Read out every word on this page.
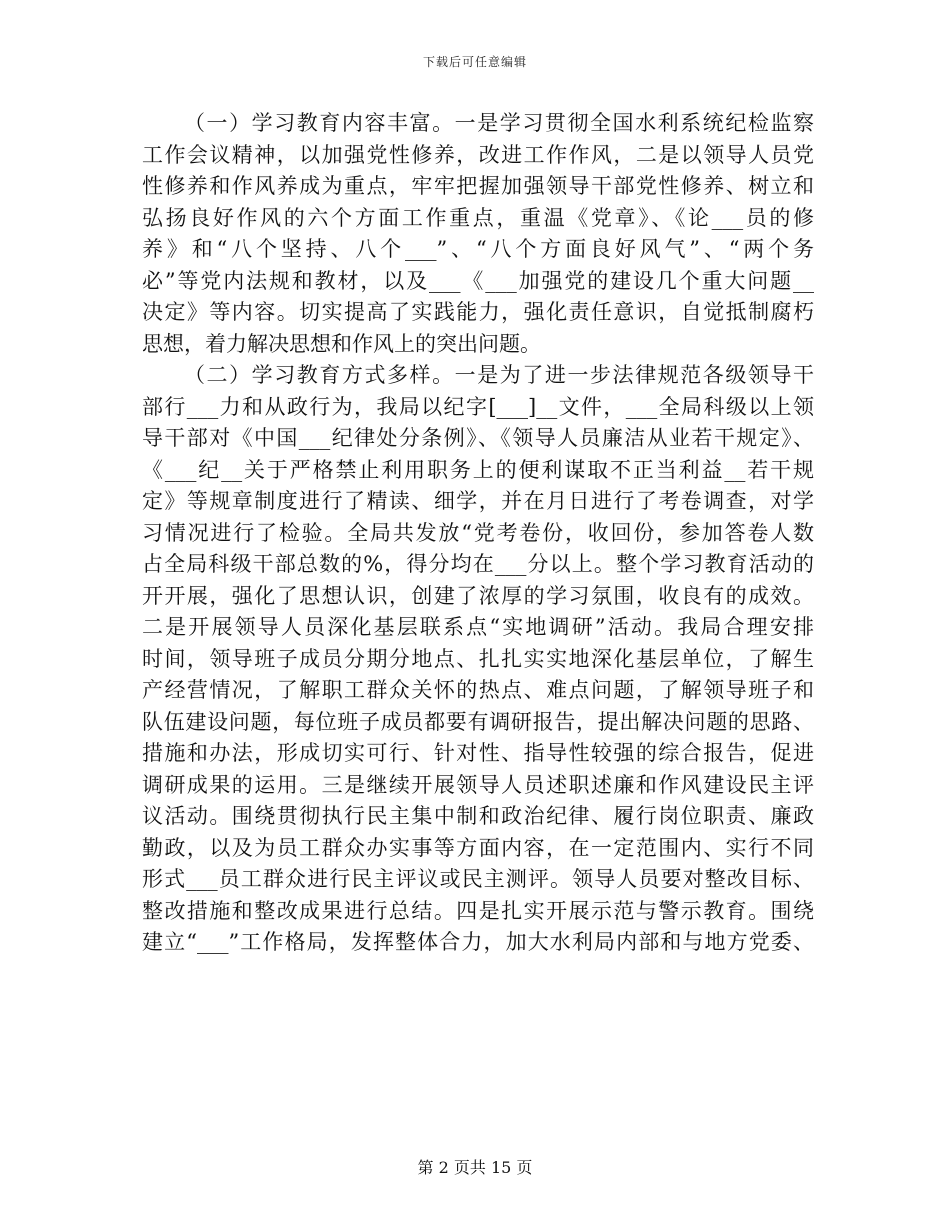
下载后可任意编辑
（一）学习教育内容丰富。一是学习贯彻全国水利系统纪检监察
工作会议精神，以加强党性修养，改进工作作风，二是以领导人员党
性修养和作风养成为重点，牢牢把握加强领导干部党性修养、树立和
弘扬良好作风的六个方面工作重点，重温《党章》、《论___员的修
养》和“八个坚持、八个___”、“八个方面良好风气”、“两个务
必”等党内法规和教材，以及___《___加强党的建设几个重大问题__
决定》等内容。切实提高了实践能力，强化责任意识，自觉抵制腐朽
思想，着力解决思想和作风上的突出问题。
（二）学习教育方式多样。一是为了进一步法律规范各级领导干
部行___力和从政行为，我局以纪字[___]__文件，___全局科级以上领
导干部对《中国___纪律处分条例》、《领导人员廉洁从业若干规定》、
《___纪__关于严格禁止利用职务上的便利谋取不正当利益__若干规
定》等规章制度进行了精读、细学，并在月日进行了考卷调查，对学
习情况进行了检验。全局共发放“党考卷份，收回份，参加答卷人数
占全局科级干部总数的%，得分均在___分以上。整个学习教育活动的
开开展，强化了思想认识，创建了浓厚的学习氛围，收良有的成效。
二是开展领导人员深化基层联系点“实地调研”活动。我局合理安排
时间，领导班子成员分期分地点、扎扎实实地深化基层单位，了解生
产经营情况，了解职工群众关怀的热点、难点问题，了解领导班子和
队伍建设问题，每位班子成员都要有调研报告，提出解决问题的思路、
措施和办法，形成切实可行、针对性、指导性较强的综合报告，促进
调研成果的运用。三是继续开展领导人员述职述廉和作风建设民主评
议活动。围绕贯彻执行民主集中制和政治纪律、履行岗位职责、廉政
勤政，以及为员工群众办实事等方面内容，在一定范围内、实行不同
形式___员工群众进行民主评议或民主测评。领导人员要对整改目标、
整改措施和整改成果进行总结。四是扎实开展示范与警示教育。围绕
建立“___”工作格局，发挥整体合力，加大水利局内部和与地方党委、
第 2 页共 15 页
